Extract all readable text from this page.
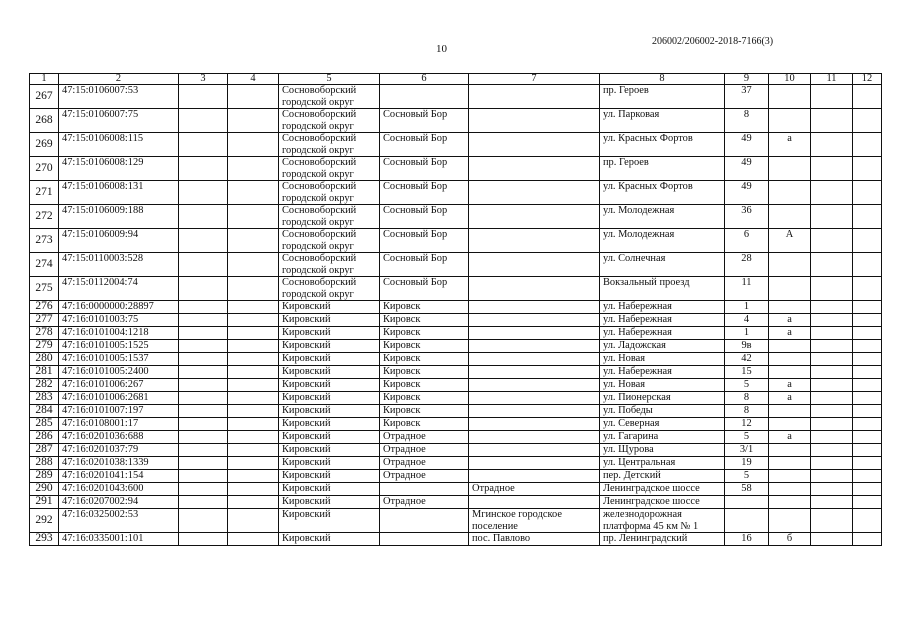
206002/206002-2018-7166(3)
10
1	2	3	4	5	6	7	8	9	10	11	12
267	47:15:0106007:53			Сосновоборский городской округ			пр. Героев	37			
268	47:15:0106007:75			Сосновоборский городской округ	Сосновый Бор		ул. Парковая	8			
269	47:15:0106008:115			Сосновоборский городской округ	Сосновый Бор		ул. Красных Фортов	49	а		
270	47:15:0106008:129			Сосновоборский городской округ	Сосновый Бор		пр. Героев	49			
271	47:15:0106008:131			Сосновоборский городской округ	Сосновый Бор		ул. Красных Фортов	49			
272	47:15:0106009:188			Сосновоборский городской округ	Сосновый Бор		ул. Молодежная	36			
273	47:15:0106009:94			Сосновоборский городской округ	Сосновый Бор		ул. Молодежная	6	А		
274	47:15:0110003:528			Сосновоборский городской округ	Сосновый Бор		ул. Солнечная	28			
275	47:15:0112004:74			Сосновоборский городской округ	Сосновый Бор		Вокзальный проезд	11			
276	47:16:0000000:28897			Кировский	Кировск		ул. Набережная	1			
277	47:16:0101003:75			Кировский	Кировск		ул. Набережная	4	а		
278	47:16:0101004:1218			Кировский	Кировск		ул. Набережная	1	а		
279	47:16:0101005:1525			Кировский	Кировск		ул. Ладожская	9в			
280	47:16:0101005:1537			Кировский	Кировск		ул. Новая	42			
281	47:16:0101005:2400			Кировский	Кировск		ул. Набережная	15			
282	47:16:0101006:267			Кировский	Кировск		ул. Новая	5	а		
283	47:16:0101006:2681			Кировский	Кировск		ул. Пионерская	8	а		
284	47:16:0101007:197			Кировский	Кировск		ул. Победы	8			
285	47:16:0108001:17			Кировский	Кировск		ул. Северная	12			
286	47:16:0201036:688			Кировский	Отрадное		ул. Гагарина	5	а		
287	47:16:0201037:79			Кировский	Отрадное		ул. Щурова	3/1			
288	47:16:0201038:1339			Кировский	Отрадное		ул. Центральная	19			
289	47:16:0201041:154			Кировский	Отрадное		пер. Детский	5			
290	47:16:0201043:600			Кировский		Отрадное	Ленинградское шоссе	58			
291	47:16:0207002:94			Кировский	Отрадное		Ленинградское шоссе				
292	47:16:0325002:53			Кировский		Мгинское городское поселение	железнодорожная платформа 45 км № 1				
293	47:16:0335001:101			Кировский		пос. Павлово	пр. Ленинградский	16	б		
